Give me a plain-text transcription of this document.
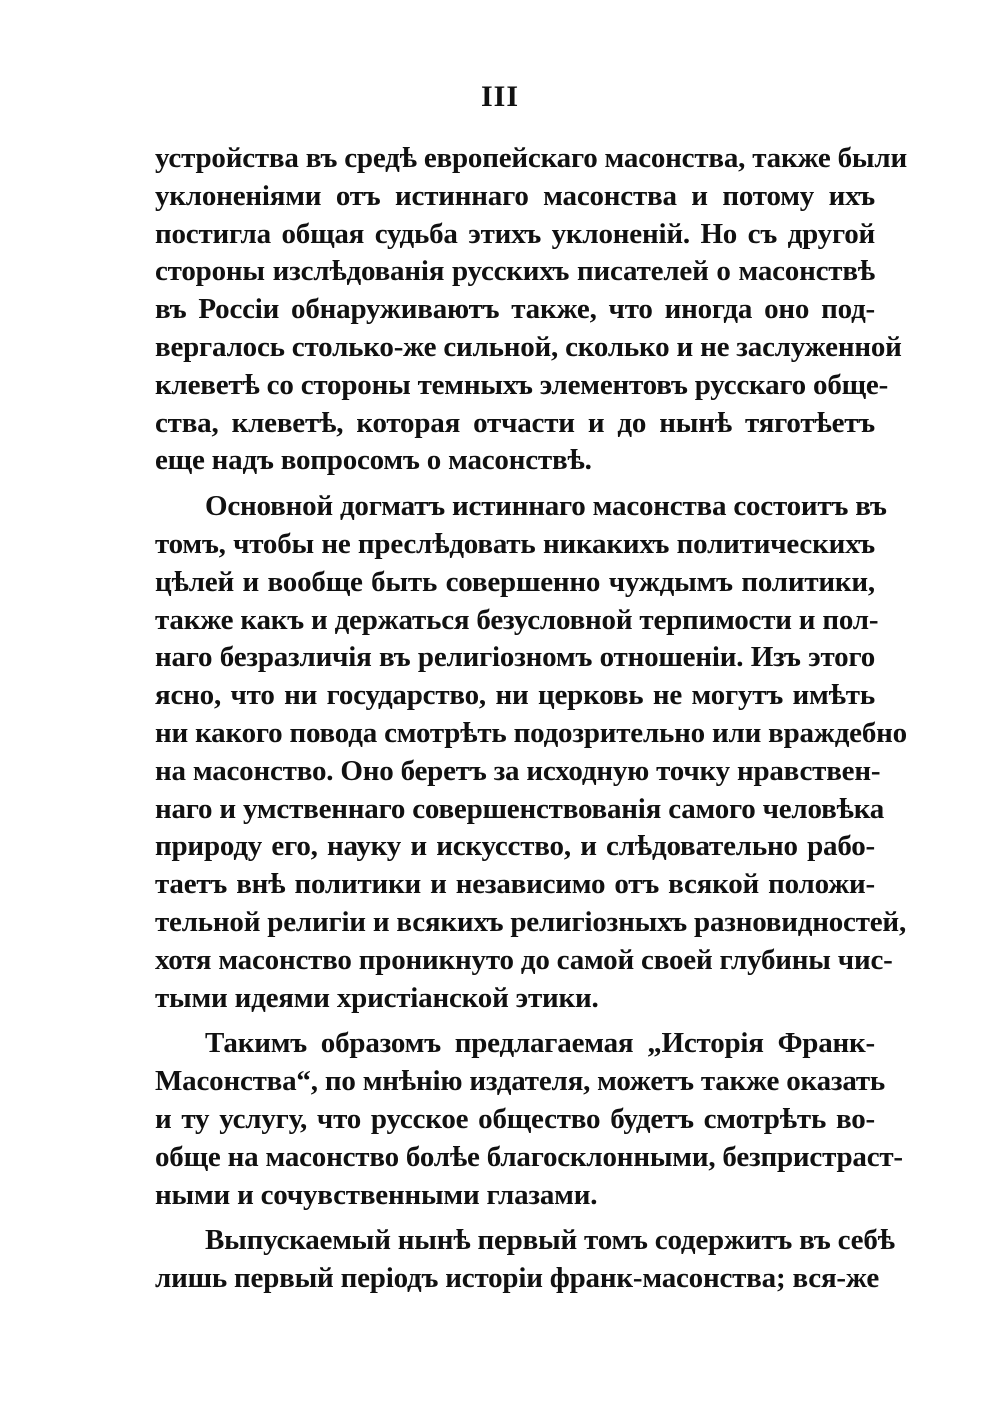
III
устройства въ средѣ европейскаго масонства, также были
уклоненіями отъ истиннаго масонства и потому ихъ
постигла общая судьба этихъ уклоненій. Но съ другой
стороны изслѣдованія русскихъ писателей о масонствѣ
въ Россіи обнаруживаютъ также, что иногда оно под-
вергалось столько-же сильной, сколько и не заслуженной
клеветѣ со стороны темныхъ элементовъ русскаго обще-
ства, клеветѣ, которая отчасти и до нынѣ тяготѣетъ
еще надъ вопросомъ о масонствѣ.
Основной догматъ истиннаго масонства состоитъ въ
томъ, чтобы не преслѣдовать никакихъ политическихъ
цѣлей и вообще быть совершенно чуждымъ политики,
также какъ и держаться безусловной терпимости и пол-
наго безразличія въ религіозномъ отношеніи. Изъ этого
ясно, что ни государство, ни церковь не могутъ имѣть
ни какого повода смотрѣть подозрительно или враждебно
на масонство. Оно беретъ за исходную точку нравствен-
наго и умственнаго совершенствованія самого человѣка
природу его, науку и искусство, и слѣдовательно рабо-
таетъ внѣ политики и независимо отъ всякой положи-
тельной религіи и всякихъ религіозныхъ разновидностей,
хотя масонство проникнуто до самой своей глубины чис-
тыми идеями христіанской этики.
Такимъ образомъ предлагаемая „Исторія Франк-
Масонства“, по мнѣнію издателя, можетъ также оказать
и ту услугу, что русское общество будетъ смотрѣть во-
обще на масонство болѣе благосклонными, безпристраст-
ными и сочувственными глазами.
Выпускаемый нынѣ первый томъ содержитъ въ себѣ
лишь первый періодъ исторіи франк-масонства; вся-же
